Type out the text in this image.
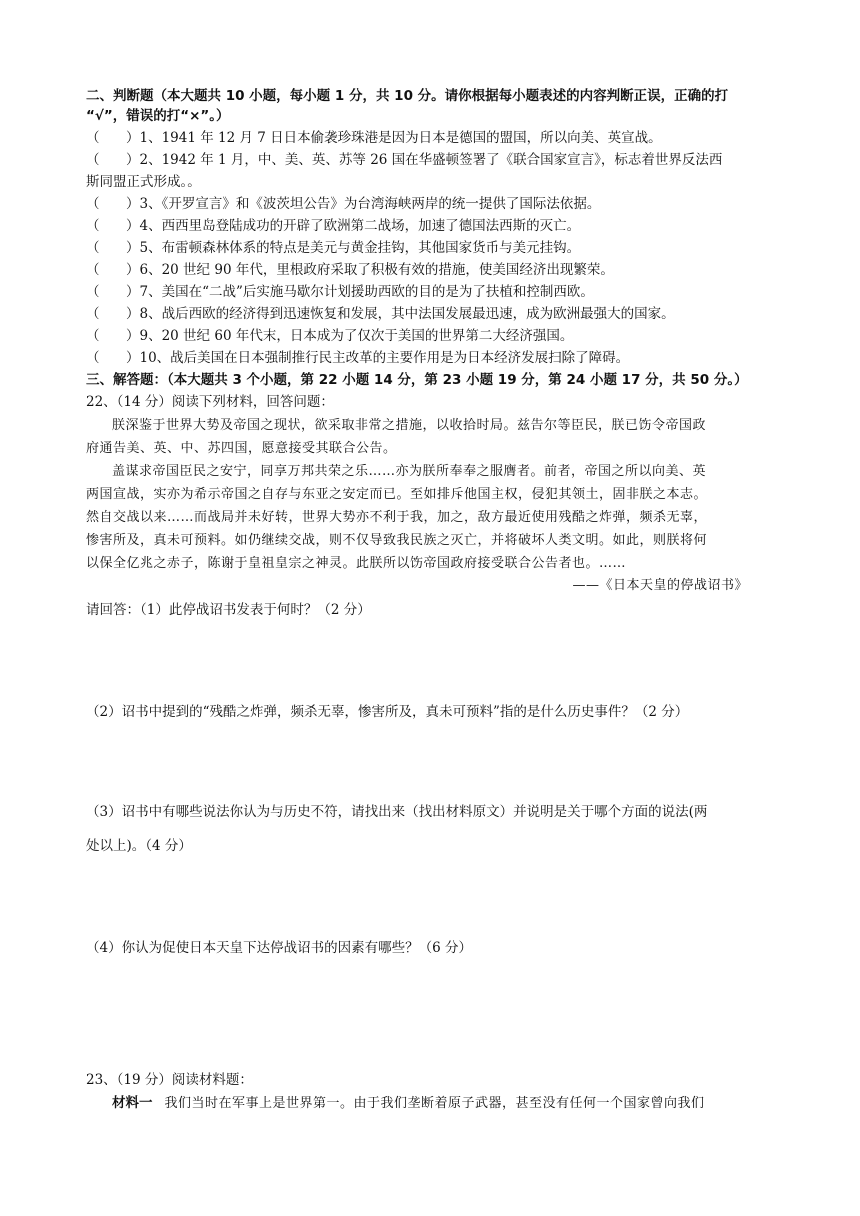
二、判断题（本大题共 10 小题，每小题 1 分，共 10 分。请你根据每小题表述的内容判断正误，正确的打
“√”，错误的打“×”。）
（ ）1、1941 年 12 月 7 日日本偷袭珍珠港是因为日本是德国的盟国，所以向美、英宣战。
（ ）2、1942 年 1 月，中、美、英、苏等 26 国在华盛顿签署了《联合国家宣言》，标志着世界反法西
斯同盟正式形成。。
（ ）3、《开罗宣言》和《波茨坦公告》为台湾海峡两岸的统一提供了国际法依据。
（ ）4、西西里岛登陆成功的开辟了欧洲第二战场，加速了德国法西斯的灭亡。
（ ）5、布雷顿森林体系的特点是美元与黄金挂钩，其他国家货币与美元挂钩。
（ ）6、20 世纪 90 年代，里根政府采取了积极有效的措施，使美国经济出现繁荣。
（ ）7、美国在“二战”后实施马歇尔计划援助西欧的目的是为了扶植和控制西欧。
（ ）8、战后西欧的经济得到迅速恢复和发展，其中法国发展最迅速，成为欧洲最强大的国家。
（ ）9、20 世纪 60 年代末，日本成为了仅次于美国的世界第二大经济强国。
（ ）10、战后美国在日本强制推行民主改革的主要作用是为日本经济发展扫除了障碍。
三、解答题：（本大题共 3 个小题，第 22 小题 14 分，第 23 小题 19 分，第 24 小题 17 分，共 50 分。）
22、（14 分）阅读下列材料，回答问题：
朕深鉴于世界大势及帝国之现状，欲采取非常之措施，以收拾时局。兹告尔等臣民，朕已饬令帝国政
府通告美、英、中、苏四国，愿意接受其联合公告。
盖谋求帝国臣民之安宁，同享万邦共荣之乐……亦为朕所奉奉之服膺者。前者，帝国之所以向美、英
两国宣战，实亦为希示帝国之自存与东亚之安定而已。至如排斥他国主权，侵犯其领土，固非朕之本志。
然自交战以来……而战局并未好转，世界大势亦不利于我，加之，敌方最近使用残酷之炸弹，频杀无辜，
惨害所及，真未可预料。如仍继续交战，则不仅导致我民族之灭亡，并将破坏人类文明。如此，则朕将何
以保全亿兆之赤子，陈谢于皇祖皇宗之神灵。此朕所以饬帝国政府接受联合公告者也。……
——《日本天皇的停战诏书》
请回答：（1）此停战诏书发表于何时？（2 分）
（2）诏书中提到的“残酷之炸弹，频杀无辜，惨害所及，真未可预料”指的是什么历史事件？（2 分）
（3）诏书中有哪些说法你认为与历史不符，请找出来（找出材料原文）并说明是关于哪个方面的说法(两
处以上)。（4 分）
（4）你认为促使日本天皇下达停战诏书的因素有哪些？（6 分）
23、（19 分）阅读材料题：
材料一 我们当时在军事上是世界第一。由于我们垄断着原子武器，甚至没有任何一个国家曾向我们
